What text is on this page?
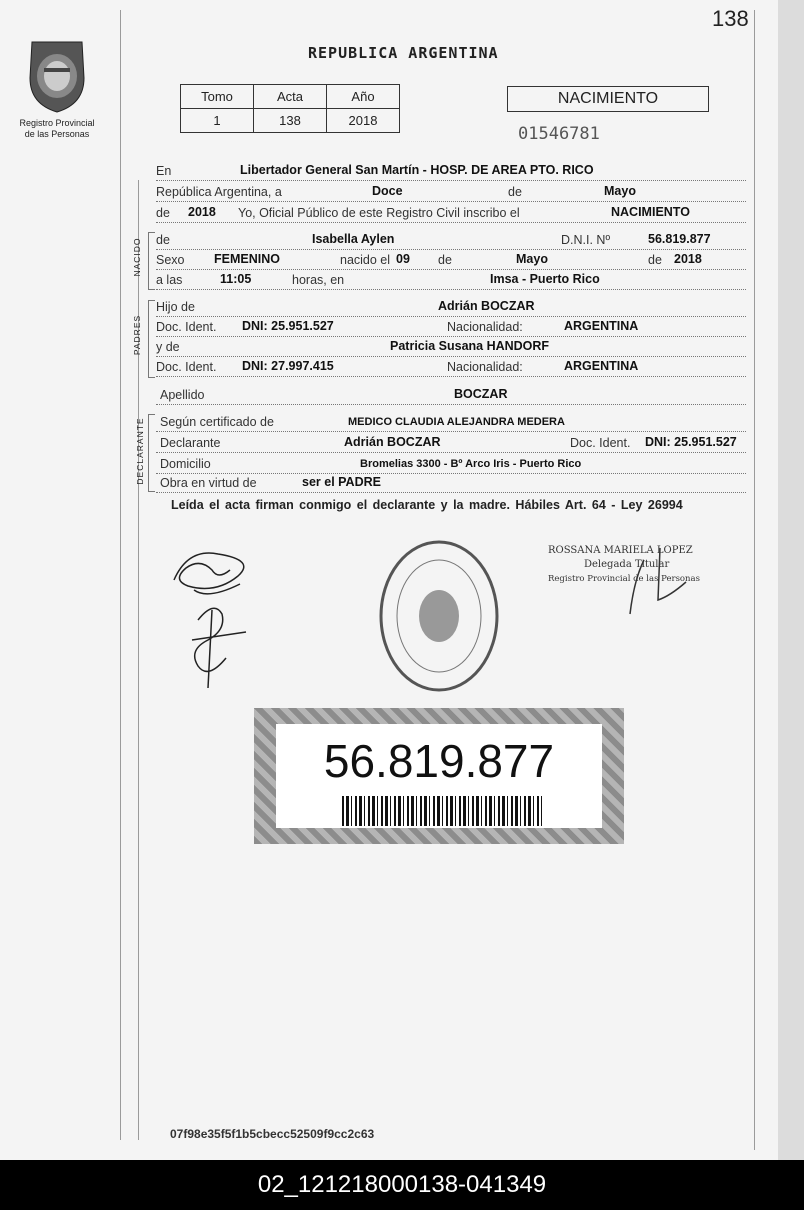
138
REPUBLICA ARGENTINA
Registro Provincial
de las Personas
Tomo	Acta	Año
1	138	2018
NACIMIENTO
01546781
En	Libertador General San Martín - HOSP. DE AREA PTO. RICO
República Argentina, a	Doce	de	Mayo
de 2018 Yo, Oficial Público de este Registro Civil inscribo el	NACIMIENTO
de	Isabella Aylen	D.N.I. Nº	56.819.877
Sexo FEMENINO	nacido el 09 de	Mayo	de 2018
a las	11:05	horas, en	Imsa - Puerto Rico
NACIDO
Hijo de	Adrián BOCZAR
Doc. Ident. DNI: 25.951.527	Nacionalidad:	ARGENTINA
y de	Patricia Susana HANDORF
Doc. Ident. DNI: 27.997.415	Nacionalidad:	ARGENTINA
PADRES
Apellido	BOCZAR
Según certificado de	MEDICO CLAUDIA ALEJANDRA MEDERA
Declarante	Adrián BOCZAR	Doc. Ident. DNI: 25.951.527
Domicilio	Bromelias 3300 - Bº Arco Iris - Puerto Rico
Obra en virtud de	ser el PADRE
DECLARANTE
Leída el acta firman conmigo el declarante y la madre. Hábiles Art. 64 - Ley 26994
ROSSANA MARIELA LOPEZ
Delegada Titular
Registro Provincial de las Personas
56.819.877
07f98e35f5f1b5cbecc52509f9cc2c63
02_121218000138-041349
